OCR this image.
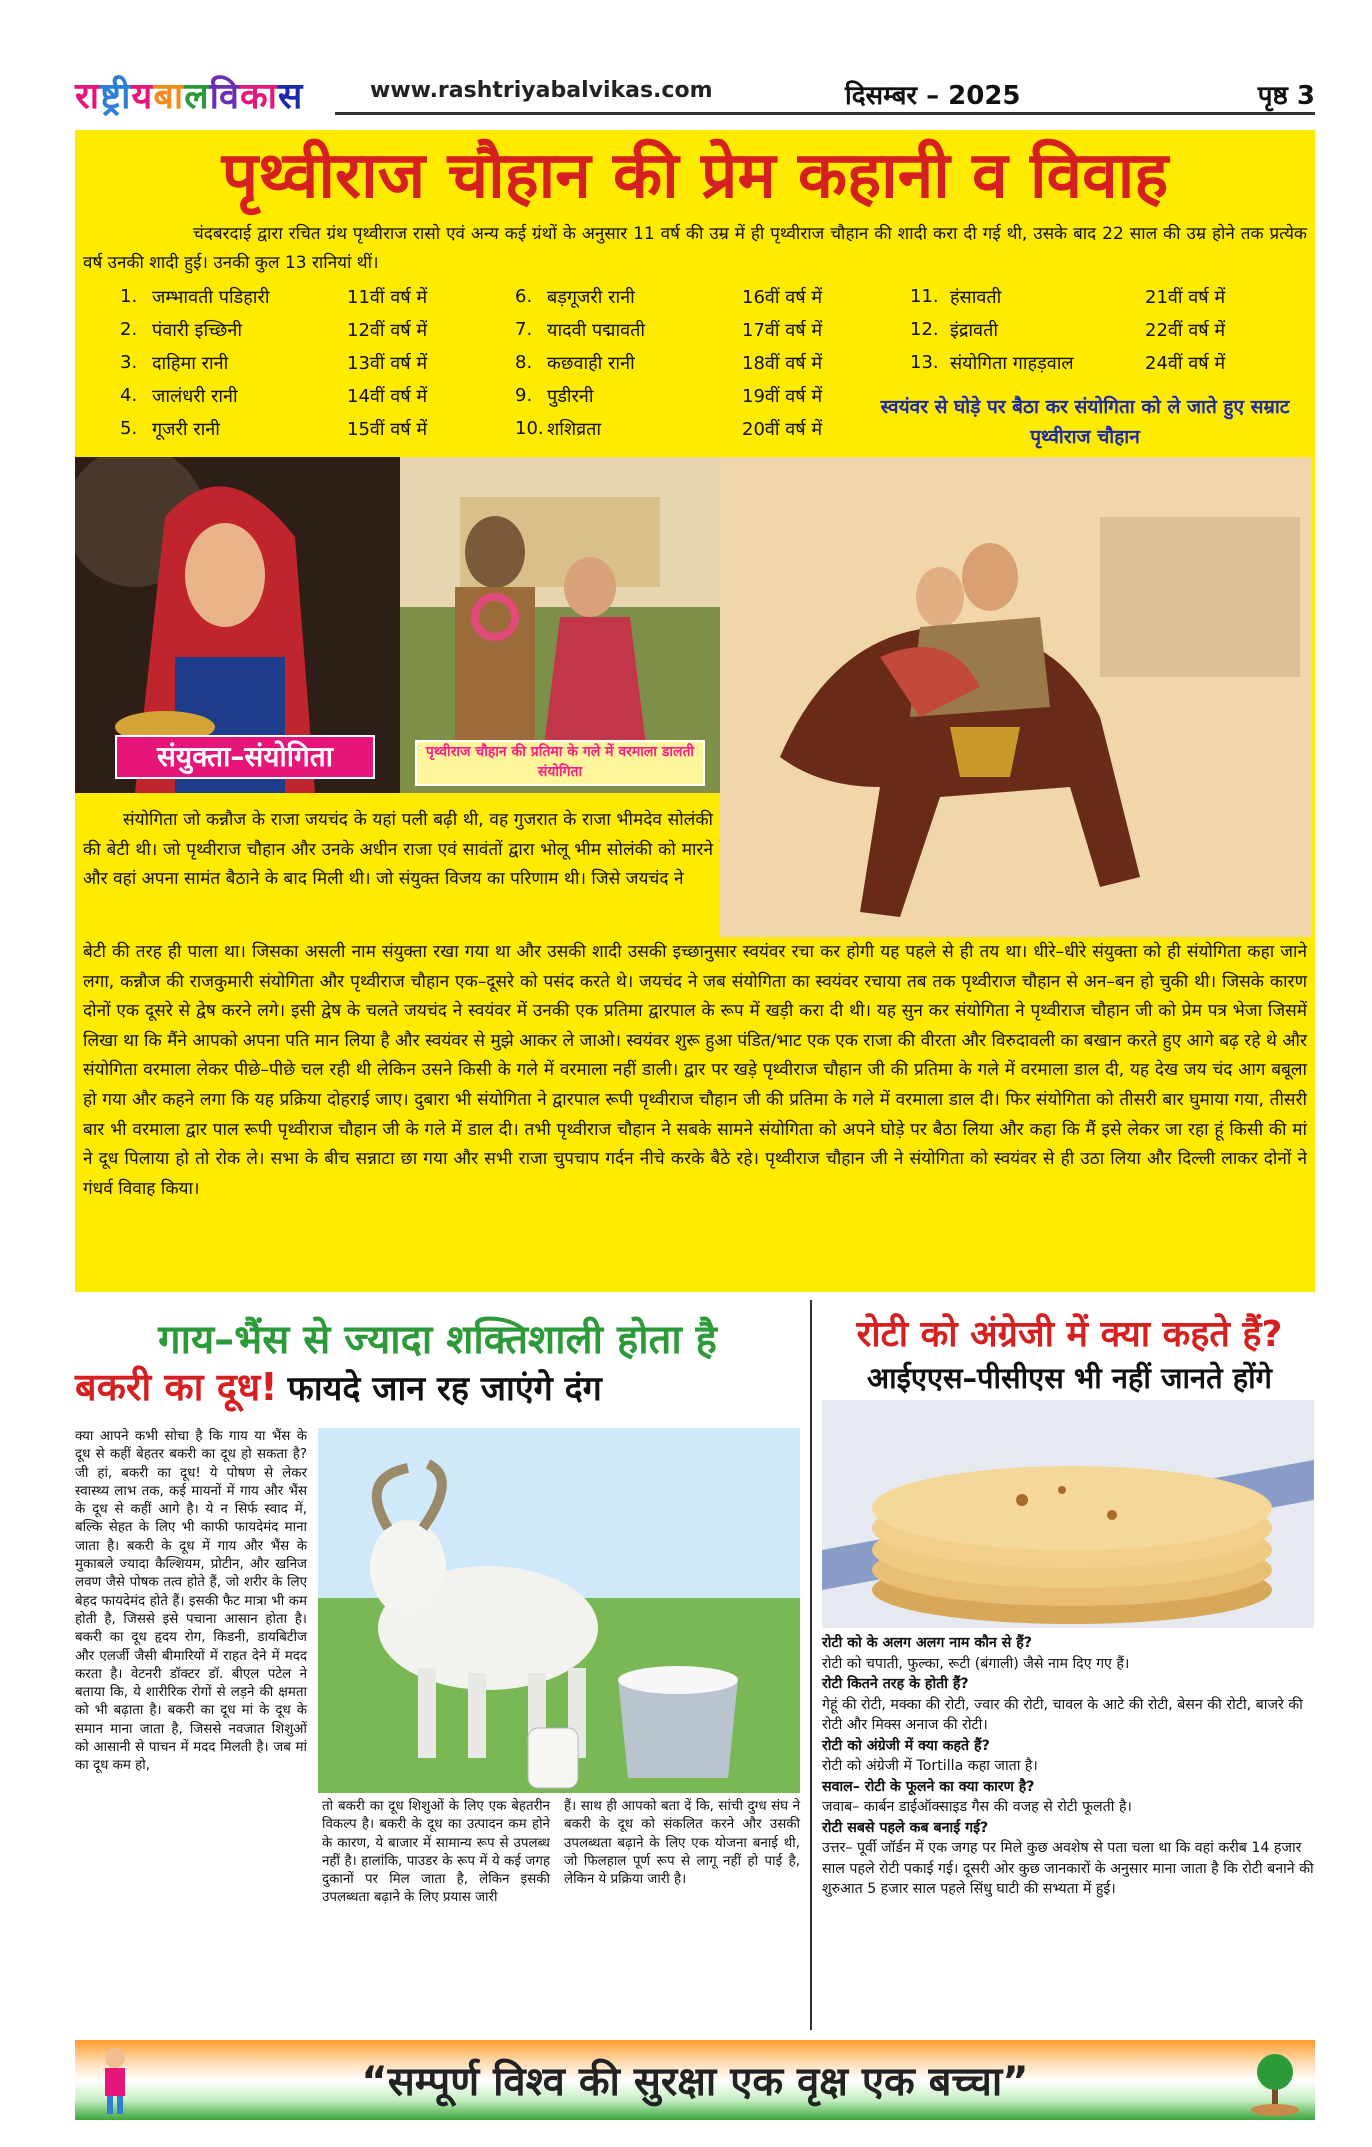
राष्ट्रीयबालविकास	www.rashtriyabalvikas.com	दिसम्बर – 2025	पृष्ठ 3
पृथ्वीराज चौहान की प्रेम कहानी व विवाह

चंदबरदाई द्वारा रचित ग्रंथ पृथ्वीराज रासो एवं अन्य कई ग्रंथों के अनुसार 11 वर्ष की उम्र में ही पृथ्वीराज चौहान की शादी करा दी गई थी, उसके बाद 22 साल की उम्र होने तक प्रत्येक वर्ष उनकी शादी हुई। उनकी कुल 13 रानियां थीं।

1. जम्भावती पडिहारी	11वीं वर्ष में
2. पंवारी इच्छिनी	12वीं वर्ष में
3. दाहिमा रानी	13वीं वर्ष में
4. जालंधरी रानी	14वीं वर्ष में
5. गूजरी रानी	15वीं वर्ष में
6. बड़गूजरी रानी	16वीं वर्ष में
7. यादवी पद्मावती	17वीं वर्ष में
8. कछवाही रानी	18वीं वर्ष में
9. पुडीरनी	19वीं वर्ष में
10. शशिव्रता	20वीं वर्ष में
11. हंसावती	21वीं वर्ष में
12. इंद्रावती	22वीं वर्ष में
13. संयोगिता गाहड़वाल	24वीं वर्ष में
स्वयंवर से घोड़े पर बैठा कर संयोगिता को ले जाते हुए सम्राट पृथ्वीराज चौहान
संयुक्ता–संयोगिता	पृथ्वीराज चौहान की प्रतिमा के गले में वरमाला डालती संयोगिता

संयोगिता जो कन्नौज के राजा जयचंद के यहां पली बढ़ी थी, वह गुजरात के राजा भीमदेव सोलंकी की बेटी थी। जो पृथ्वीराज चौहान और उनके अधीन राजा एवं सावंतों द्वारा भोलू भीम सोलंकी को मारने और वहां अपना सामंत बैठाने के बाद मिली थी। जो संयुक्त विजय का परिणाम थी। जिसे जयचंद ने

बेटी की तरह ही पाला था। जिसका असली नाम संयुक्ता रखा गया था और उसकी शादी उसकी इच्छानुसार स्वयंवर रचा कर होगी यह पहले से ही तय था। धीरे–धीरे संयुक्ता को ही संयोगिता कहा जाने लगा, कन्नौज की राजकुमारी संयोगिता और पृथ्वीराज चौहान एक–दूसरे को पसंद करते थे। जयचंद ने जब संयोगिता का स्वयंवर रचाया तब तक पृथ्वीराज चौहान से अन–बन हो चुकी थी। जिसके कारण दोनों एक दूसरे से द्वेष करने लगे। इसी द्वेष के चलते जयचंद ने स्वयंवर में उनकी एक प्रतिमा द्वारपाल के रूप में खड़ी करा दी थी। यह सुन कर संयोगिता ने पृथ्वीराज चौहान जी को प्रेम पत्र भेजा जिसमें लिखा था कि मैंने आपको अपना पति मान लिया है और स्वयंवर से मुझे आकर ले जाओ। स्वयंवर शुरू हुआ पंडित/भाट एक एक राजा की वीरता और विरुदावली का बखान करते हुए आगे बढ़ रहे थे और संयोगिता वरमाला लेकर पीछे–पीछे चल रही थी लेकिन उसने किसी के गले में वरमाला नहीं डाली। द्वार पर खड़े पृथ्वीराज चौहान जी की प्रतिमा के गले में वरमाला डाल दी, यह देख जय चंद आग बबूला हो गया और कहने लगा कि यह प्रक्रिया दोहराई जाए। दुबारा भी संयोगिता ने द्वारपाल रूपी पृथ्वीराज चौहान जी की प्रतिमा के गले में वरमाला डाल दी। फिर संयोगिता को तीसरी बार घुमाया गया, तीसरी बार भी वरमाला द्वार पाल रूपी पृथ्वीराज चौहान जी के गले में डाल दी। तभी पृथ्वीराज चौहान ने सबके सामने संयोगिता को अपने घोड़े पर बैठा लिया और कहा कि मैं इसे लेकर जा रहा हूं किसी की मां ने दूध पिलाया हो तो रोक ले। सभा के बीच सन्नाटा छा गया और सभी राजा चुपचाप गर्दन नीचे करके बैठे रहे। पृथ्वीराज चौहान जी ने संयोगिता को स्वयंवर से ही उठा लिया और दिल्ली लाकर दोनों ने गंधर्व विवाह किया।

गाय–भैंस से ज्यादा शक्तिशाली होता है
बकरी का दूध! फायदे जान रह जाएंगे दंग

क्या आपने कभी सोचा है कि गाय या भैंस के दूध से कहीं बेहतर बकरी का दूध हो सकता है? जी हां, बकरी का दूध! ये पोषण से लेकर स्वास्थ्य लाभ तक, कई मायनों में गाय और भैंस के दूध से कहीं आगे है। ये न सिर्फ स्वाद में, बल्कि सेहत के लिए भी काफी फायदेमंद माना जाता है। बकरी के दूध में गाय और भैंस के मुकाबले ज्यादा कैल्शियम, प्रोटीन, और खनिज लवण जैसे पोषक तत्व होते हैं, जो शरीर के लिए बेहद फायदेमंद होते हैं। इसकी फैट मात्रा भी कम होती है, जिससे इसे पचाना आसान होता है। बकरी का दूध हृदय रोग, किडनी, डायबिटीज और एलर्जी जैसी बीमारियों में राहत देने में मदद करता है। वेटनरी डॉक्टर डॉ. बीएल पटेल ने बताया कि, ये शारीरिक रोगों से लड़ने की क्षमता को भी बढ़ाता है। बकरी का दूध मां के दूध के समान माना जाता है, जिससे नवजात शिशुओं को आसानी से पाचन में मदद मिलती है। जब मां का दूध कम हो,

तो बकरी का दूध शिशुओं के लिए एक बेहतरीन विकल्प है। बकरी के दूध का उत्पादन कम होने के कारण, ये बाजार में सामान्य रूप से उपलब्ध नहीं है। हालांकि, पाउडर के रूप में ये कई जगह दुकानों पर मिल जाता है, लेकिन इसकी उपलब्धता बढ़ाने के लिए प्रयास जारी

हैं। साथ ही आपको बता दें कि, सांची दुग्ध संघ ने बकरी के दूध को संकलित करने और उसकी उपलब्धता बढ़ाने के लिए एक योजना बनाई थी, जो फिलहाल पूर्ण रूप से लागू नहीं हो पाई है, लेकिन ये प्रक्रिया जारी है।

रोटी को अंग्रेजी में क्या कहते हैं?
आईएएस–पीसीएस भी नहीं जानते होंगे
रोटी को के अलग अलग नाम कौन से हैं?
रोटी को चपाती, फुल्का, रूटी (बंगाली) जैसे नाम दिए गए हैं।
रोटी कितने तरह के होती हैं?
गेहूं की रोटी, मक्का की रोटी, ज्वार की रोटी, चावल के आटे की रोटी, बेसन की रोटी, बाजरे की रोटी और मिक्स अनाज की रोटी।
रोटी को अंग्रेजी में क्या कहते हैं?
रोटी को अंग्रेजी में Tortilla कहा जाता है।
सवाल– रोटी के फूलने का क्या कारण है?
जवाब– कार्बन डाईऑक्साइड गैस की वजह से रोटी फूलती है।
रोटी सबसे पहले कब बनाई गई?
उत्तर– पूर्वी जॉर्डन में एक जगह पर मिले कुछ अवशेष से पता चला था कि वहां करीब 14 हजार साल पहले रोटी पकाई गई। दूसरी ओर कुछ जानकारों के अनुसार माना जाता है कि रोटी बनाने की शुरुआत 5 हजार साल पहले सिंधु घाटी की सभ्यता में हुई।
“सम्पूर्ण विश्व की सुरक्षा एक वृक्ष एक बच्चा”
